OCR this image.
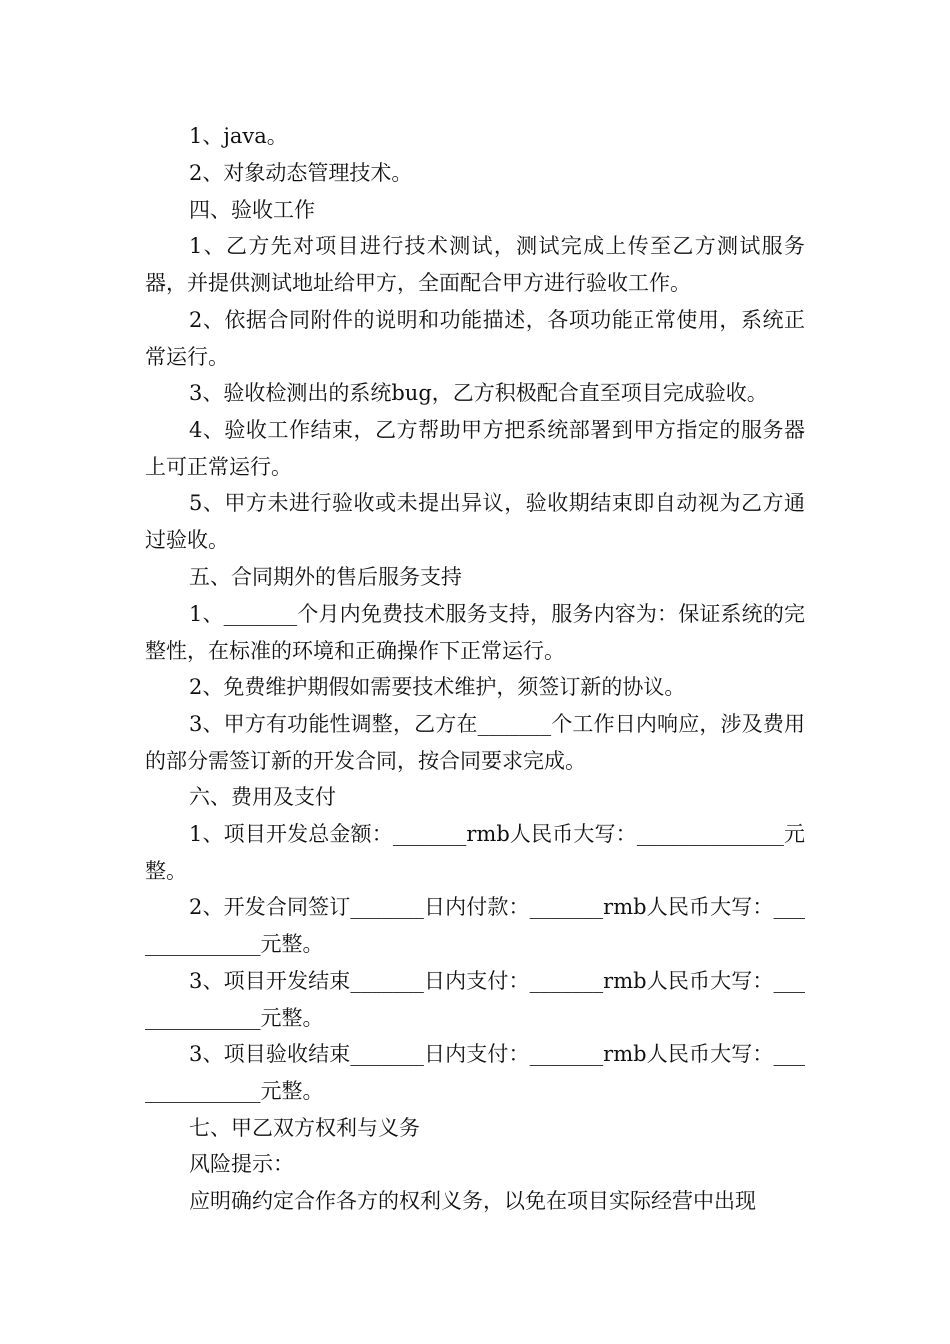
1、java。
2、对象动态管理技术。
四、验收工作
1、乙方先对项目进行技术测试，测试完成上传至乙方测试服务器，并提供测试地址给甲方，全面配合甲方进行验收工作。
2、依据合同附件的说明和功能描述，各项功能正常使用，系统正常运行。
3、验收检测出的系统bug，乙方积极配合直至项目完成验收。
4、验收工作结束，乙方帮助甲方把系统部署到甲方指定的服务器上可正常运行。
5、甲方未进行验收或未提出异议，验收期结束即自动视为乙方通过验收。
五、合同期外的售后服务支持
1、_______个月内免费技术服务支持，服务内容为：保证系统的完整性，在标准的环境和正确操作下正常运行。
2、免费维护期假如需要技术维护，须签订新的协议。
3、甲方有功能性调整，乙方在_______个工作日内响应，涉及费用的部分需签订新的开发合同，按合同要求完成。
六、费用及支付
1、项目开发总金额：_______rmb人民币大写：______________元整。
2、开发合同签订_______日内付款：_______rmb人民币大写：______________元整。
3、项目开发结束_______日内支付：_______rmb人民币大写：______________元整。
3、项目验收结束_______日内支付：_______rmb人民币大写：______________元整。
七、甲乙双方权利与义务
风险提示：
应明确约定合作各方的权利义务，以免在项目实际经营中出现
